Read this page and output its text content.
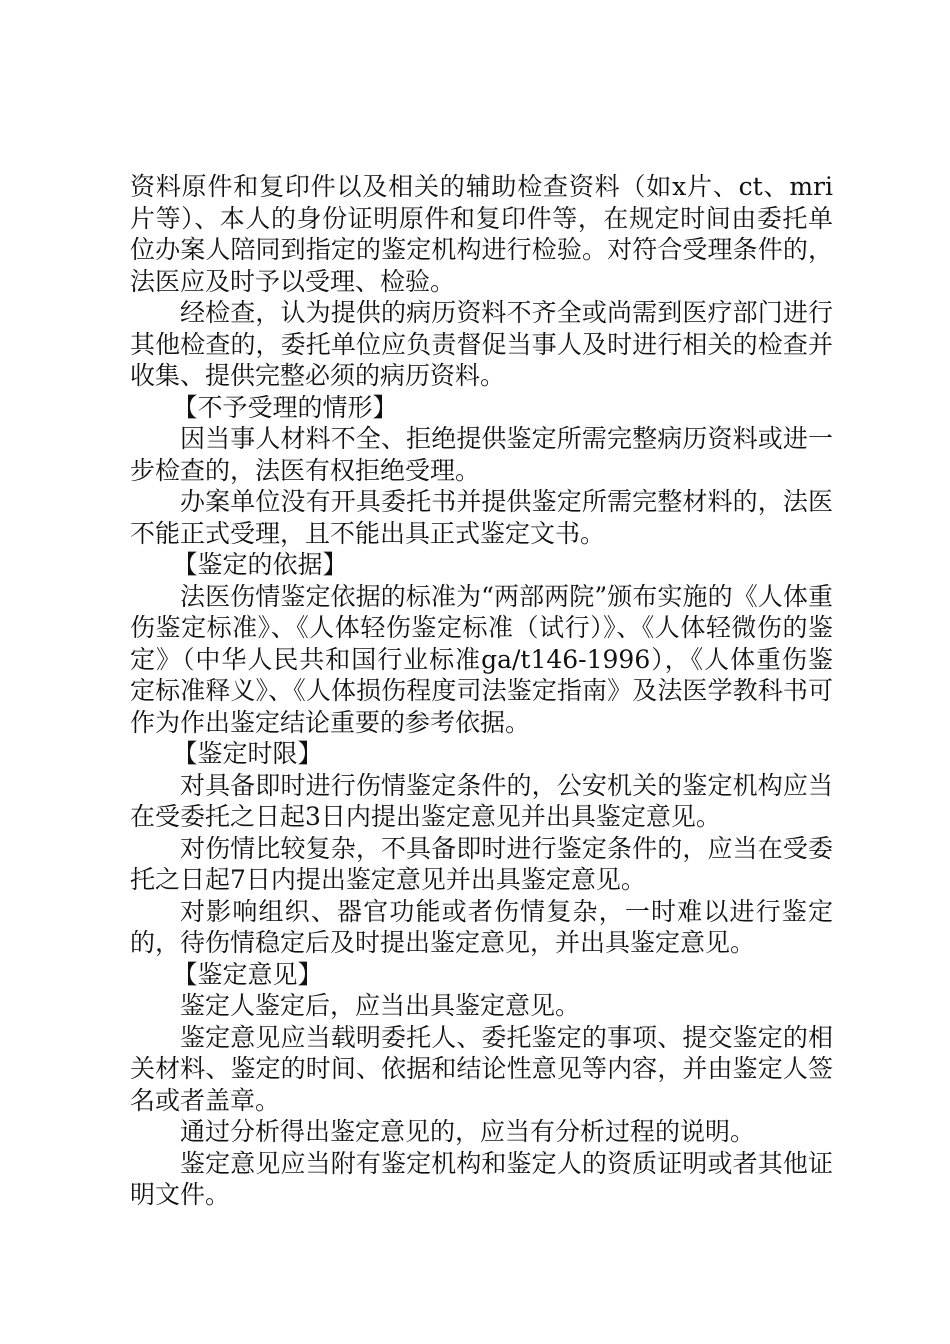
资料原件和复印件以及相关的辅助检查资料（如x片、ct、mri片等）、本人的身份证明原件和复印件等，在规定时间由委托单位办案人陪同到指定的鉴定机构进行检验。对符合受理条件的，法医应及时予以受理、检验。

经检查，认为提供的病历资料不齐全或尚需到医疗部门进行其他检查的，委托单位应负责督促当事人及时进行相关的检查并收集、提供完整必须的病历资料。

【不予受理的情形】

因当事人材料不全、拒绝提供鉴定所需完整病历资料或进一步检查的，法医有权拒绝受理。

办案单位没有开具委托书并提供鉴定所需完整材料的，法医不能正式受理，且不能出具正式鉴定文书。

【鉴定的依据】

法医伤情鉴定依据的标准为“两部两院”颁布实施的《人体重伤鉴定标准》、《人体轻伤鉴定标准（试行）》、《人体轻微伤的鉴定》（中华人民共和国行业标准ga/t146-1996），《人体重伤鉴定标准释义》、《人体损伤程度司法鉴定指南》及法医学教科书可作为作出鉴定结论重要的参考依据。

【鉴定时限】

对具备即时进行伤情鉴定条件的，公安机关的鉴定机构应当在受委托之日起3日内提出鉴定意见并出具鉴定意见。

对伤情比较复杂，不具备即时进行鉴定条件的，应当在受委托之日起7日内提出鉴定意见并出具鉴定意见。

对影响组织、器官功能或者伤情复杂，一时难以进行鉴定的，待伤情稳定后及时提出鉴定意见，并出具鉴定意见。

【鉴定意见】

鉴定人鉴定后，应当出具鉴定意见。

鉴定意见应当载明委托人、委托鉴定的事项、提交鉴定的相关材料、鉴定的时间、依据和结论性意见等内容，并由鉴定人签名或者盖章。

通过分析得出鉴定意见的，应当有分析过程的说明。

鉴定意见应当附有鉴定机构和鉴定人的资质证明或者其他证明文件。
